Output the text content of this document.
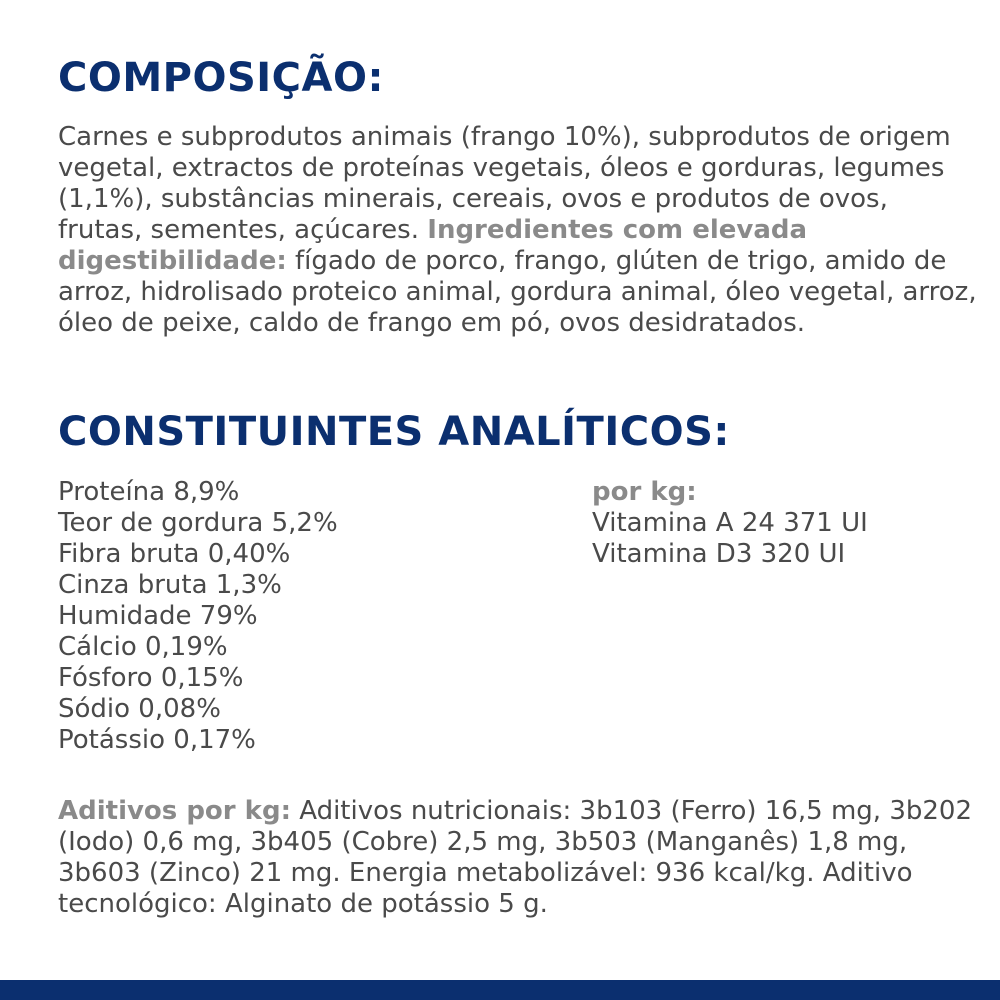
COMPOSIÇÃO:

Carnes e subprodutos animais (frango 10%), subprodutos de origem vegetal, extractos de proteínas vegetais, óleos e gorduras, legumes (1,1%), substâncias minerais, cereais, ovos e produtos de ovos, frutas, sementes, açúcares. Ingredientes com elevada digestibilidade: fígado de porco, frango, glúten de trigo, amido de arroz, hidrolisado proteico animal, gordura animal, óleo vegetal, arroz, óleo de peixe, caldo de frango em pó, ovos desidratados.

CONSTITUINTES ANALÍTICOS:
Proteína 8,9%
Teor de gordura 5,2%
Fibra bruta 0,40%
Cinza bruta 1,3%
Humidade 79%
Cálcio 0,19%
Fósforo 0,15%
Sódio 0,08%
Potássio 0,17%
por kg:
Vitamina A 24 371 UI
Vitamina D3 320 UI

Aditivos por kg: Aditivos nutricionais: 3b103 (Ferro) 16,5 mg, 3b202 (Iodo) 0,6 mg, 3b405 (Cobre) 2,5 mg, 3b503 (Manganês) 1,8 mg, 3b603 (Zinco) 21 mg. Energia metabolizável: 936 kcal/kg. Aditivo tecnológico: Alginato de potássio 5 g.
